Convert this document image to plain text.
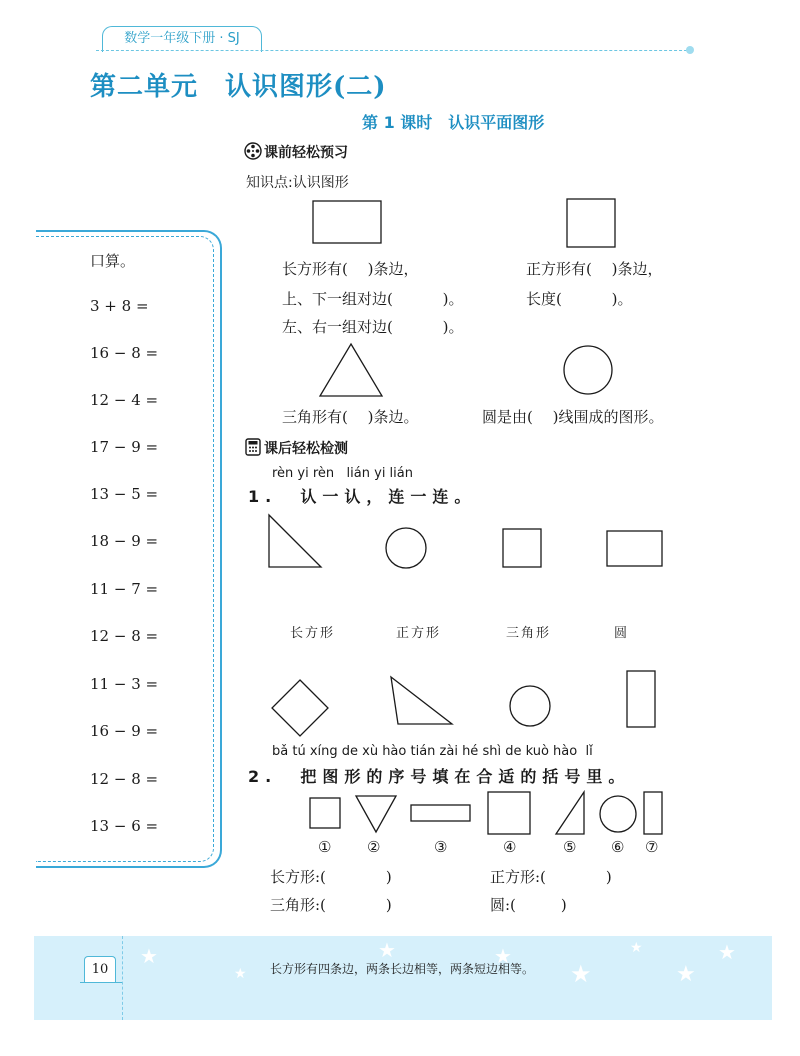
数学一年级下册 · SJ
第二单元　认识图形(二)
第 1 课时　认识平面图形
课前轻松预习
知识点:认识图形
长方形有(　 )条边，
上、下一组对边(　　　 )。
左、右一组对边(　　　 )。
正方形有(　 )条边，
长度(　　　 )。
三角形有(　 )条边。	圆是由(　 )线围成的图形。
课后轻松检测
rèn yi rèn   lián yi lián
1.  认一认，连一连。
长方形	正方形	三角形	圆
bǎ tú xíng de xù hào tián zài hé shì de kuò hào  lǐ
2.  把图形的序号填在合适的括号里。
① ②	③	④	⑤ ⑥ ⑦
长方形:(　　　　)	正方形:(　　　　)
三角形:(　　　　)	圆:(　　　)
口算。
3 + 8 =
16 − 8 =
12 − 4 =
17 − 9 =
13 − 5 =
18 − 9 =
11 − 7 =
12 − 8 =
11 − 3 =
16 − 9 =
12 − 8 =
13 − 6 =
10	长方形有四条边，两条长边相等，两条短边相等。
★
★
★	★
★
★
★
★
